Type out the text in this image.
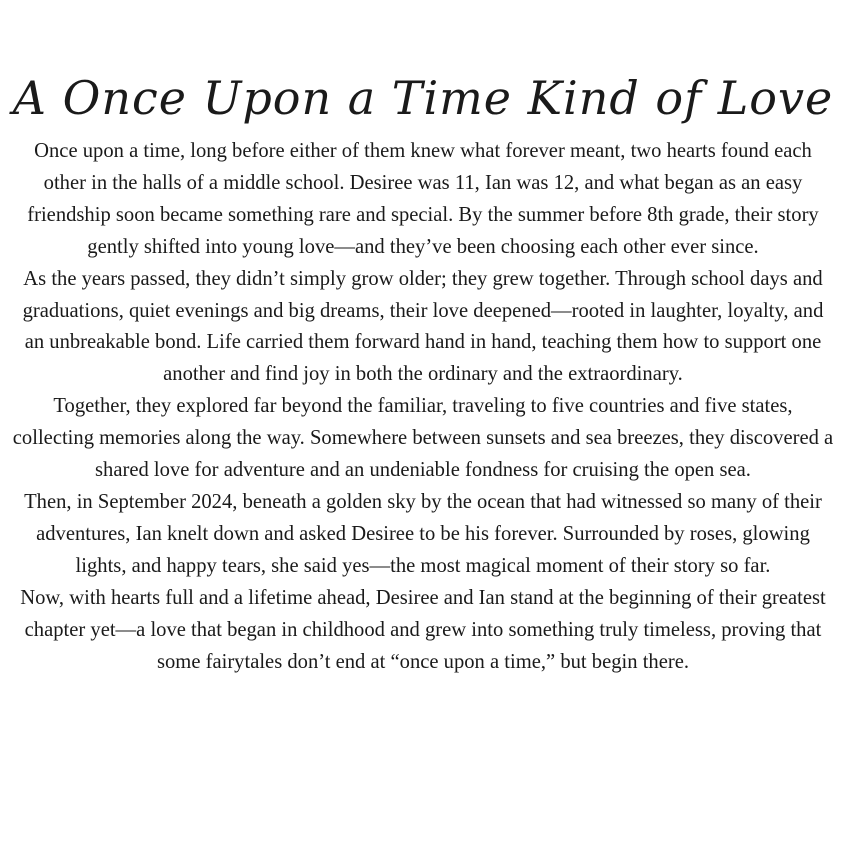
A Once Upon a Time Kind of Love

Once upon a time, long before either of them knew what forever meant, two hearts found each other in the halls of a middle school. Desiree was 11, Ian was 12, and what began as an easy friendship soon became something rare and special. By the summer before 8th grade, their story gently shifted into young love—and they’ve been choosing each other ever since.

As the years passed, they didn’t simply grow older; they grew together. Through school days and graduations, quiet evenings and big dreams, their love deepened—rooted in laughter, loyalty, and an unbreakable bond. Life carried them forward hand in hand, teaching them how to support one another and find joy in both the ordinary and the extraordinary.

Together, they explored far beyond the familiar, traveling to five countries and five states, collecting memories along the way. Somewhere between sunsets and sea breezes, they discovered a shared love for adventure and an undeniable fondness for cruising the open sea.

Then, in September 2024, beneath a golden sky by the ocean that had witnessed so many of their adventures, Ian knelt down and asked Desiree to be his forever. Surrounded by roses, glowing lights, and happy tears, she said yes—the most magical moment of their story so far.

Now, with hearts full and a lifetime ahead, Desiree and Ian stand at the beginning of their greatest chapter yet—a love that began in childhood and grew into something truly timeless, proving that some fairytales don’t end at “once upon a time,” but begin there.
